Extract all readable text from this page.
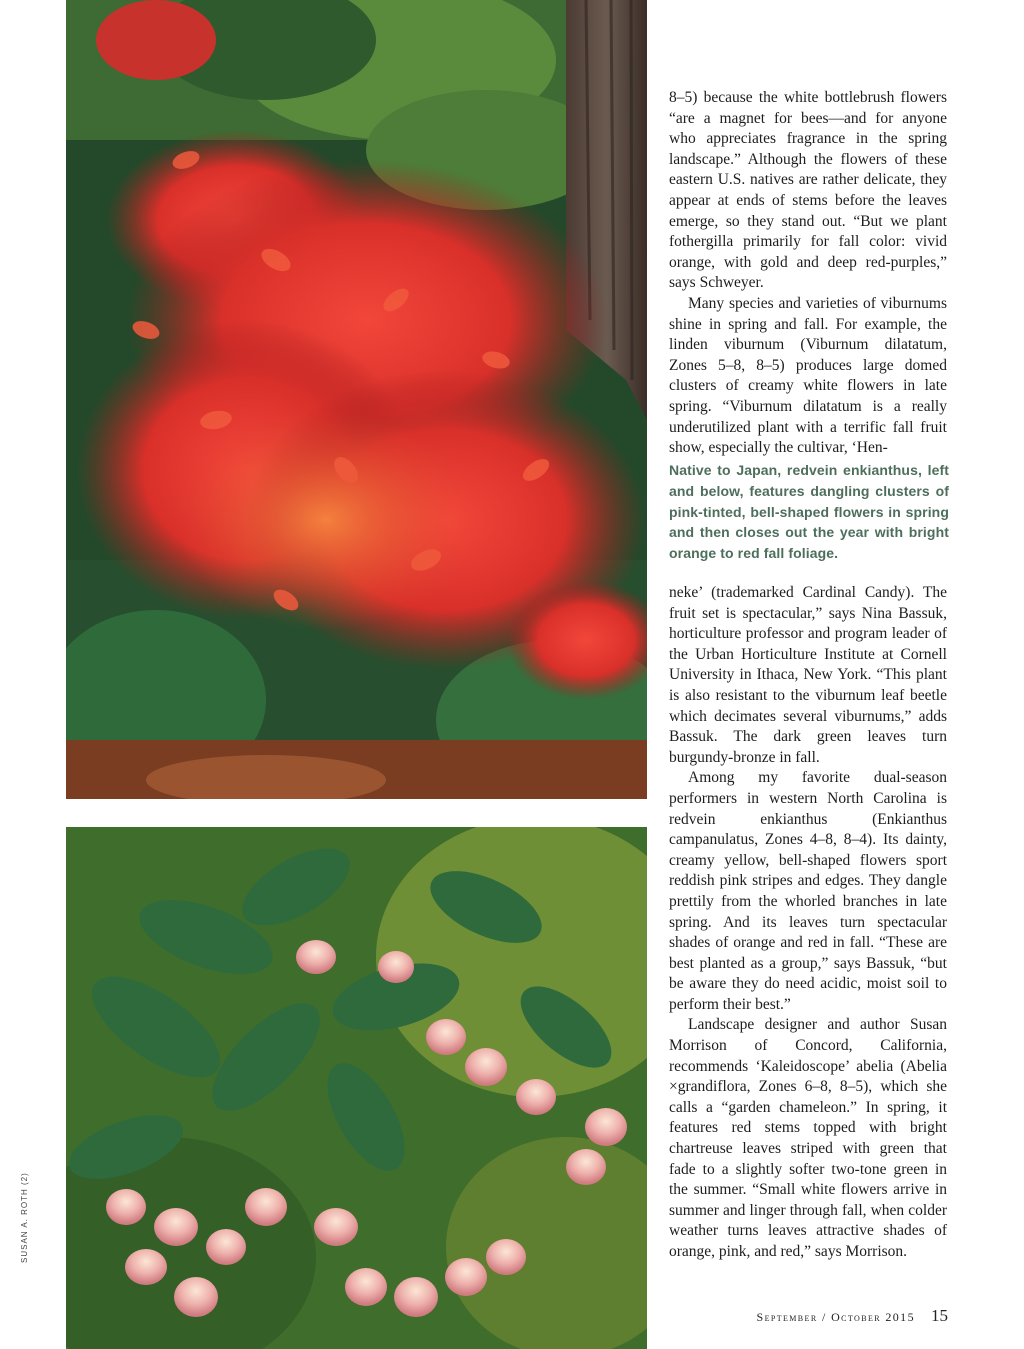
SUSAN A. ROTH (2)

8–5) because the white bottlebrush flowers “are a magnet for bees—and for anyone who appreciates fragrance in the spring landscape.” Although the flowers of these eastern U.S. natives are rather delicate, they appear at ends of stems before the leaves emerge, so they stand out. “But we plant fothergilla primarily for fall color: vivid orange, with gold and deep red-purples,” says Schweyer.

Many species and varieties of viburnums shine in spring and fall. For example, the linden viburnum (Viburnum dilatatum, Zones 5–8, 8–5) produces large domed clusters of creamy white flowers in late spring. “Viburnum dilatatum is a really underutilized plant with a terrific fall fruit show, especially the cultivar, ‘Hen-

Native to Japan, redvein enkianthus, left and below, features dangling clusters of pink-tinted, bell-shaped flowers in spring and then closes out the year with bright orange to red fall foliage.

neke’ (trademarked Cardinal Candy). The fruit set is spectacular,” says Nina Bassuk, horticulture professor and program leader of the Urban Horticulture Institute at Cornell University in Ithaca, New York. “This plant is also resistant to the viburnum leaf beetle which decimates several viburnums,” adds Bassuk. The dark green leaves turn burgundy-bronze in fall.

Among my favorite dual-season performers in western North Carolina is redvein enkianthus (Enkianthus campanulatus, Zones 4–8, 8–4). Its dainty, creamy yellow, bell-shaped flowers sport reddish pink stripes and edges. They dangle prettily from the whorled branches in late spring. And its leaves turn spectacular shades of orange and red in fall. “These are best planted as a group,” says Bassuk, “but be aware they do need acidic, moist soil to perform their best.”

Landscape designer and author Susan Morrison of Concord, California, recommends ‘Kaleidoscope’ abelia (Abelia ×grandiflora, Zones 6–8, 8–5), which she calls a “garden chameleon.” In spring, it features red stems topped with bright chartreuse leaves striped with green that fade to a slightly softer two-tone green in the summer. “Small white flowers arrive in summer and linger through fall, when colder weather turns leaves attractive shades of orange, pink, and red,” says Morrison.

September / October 2015 15
